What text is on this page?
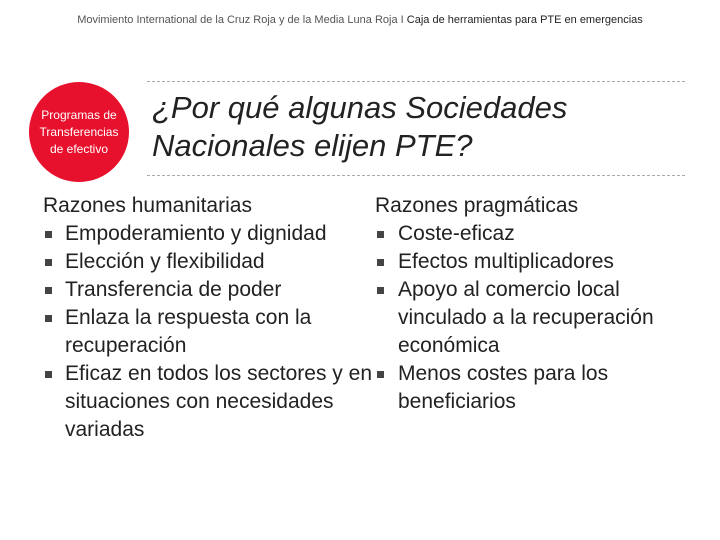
Movimiento International de la Cruz Roja y de la Media Luna Roja I Caja de herramientas para PTE en emergencias
Programas de
Transferencias
de efectivo
¿Por qué algunas Sociedades Nacionales elijen PTE?
Razones humanitarias
Empoderamiento y dignidad
Elección y flexibilidad
Transferencia de poder
Enlaza la respuesta con la recuperación
Eficaz en todos los sectores y en situaciones con necesidades variadas
Razones pragmáticas
Coste-eficaz
Efectos multiplicadores
Apoyo al comercio local vinculado a la recuperación económica
Menos costes para los beneficiarios
